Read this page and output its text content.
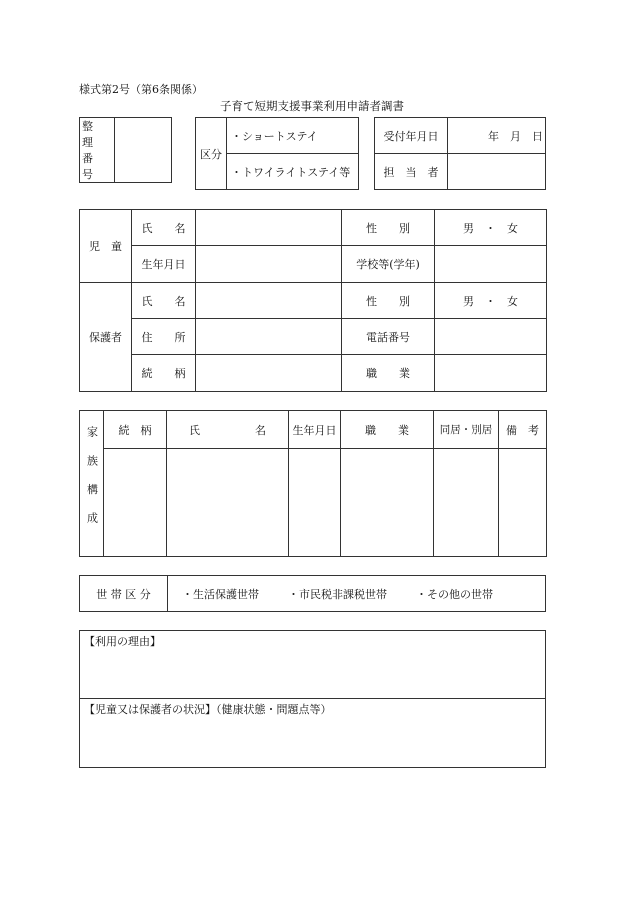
様式第2号（第6条関係）
子育て短期支援事業利用申請者調書
整　理
番　号

区分	・ショートステイ
・トワイライトステイ等
受付年月日	年　月　日
担　当　者	
児　童	氏　　名		性　　別	男　・　女
	生年月日		学校等(学年)	
保護者	氏　　名		性　　別	男　・　女
	住　　所		電話番号	
	続　　柄		職　　業	
家族構成	続　柄	氏　　　　　名	生年月日	職　　業	同居・別居	備　考

世 帯 区 分	・生活保護世帯	・市民税非課税世帯	・その他の世帯
【利用の理由】
【児童又は保護者の状況】（健康状態・問題点等）
